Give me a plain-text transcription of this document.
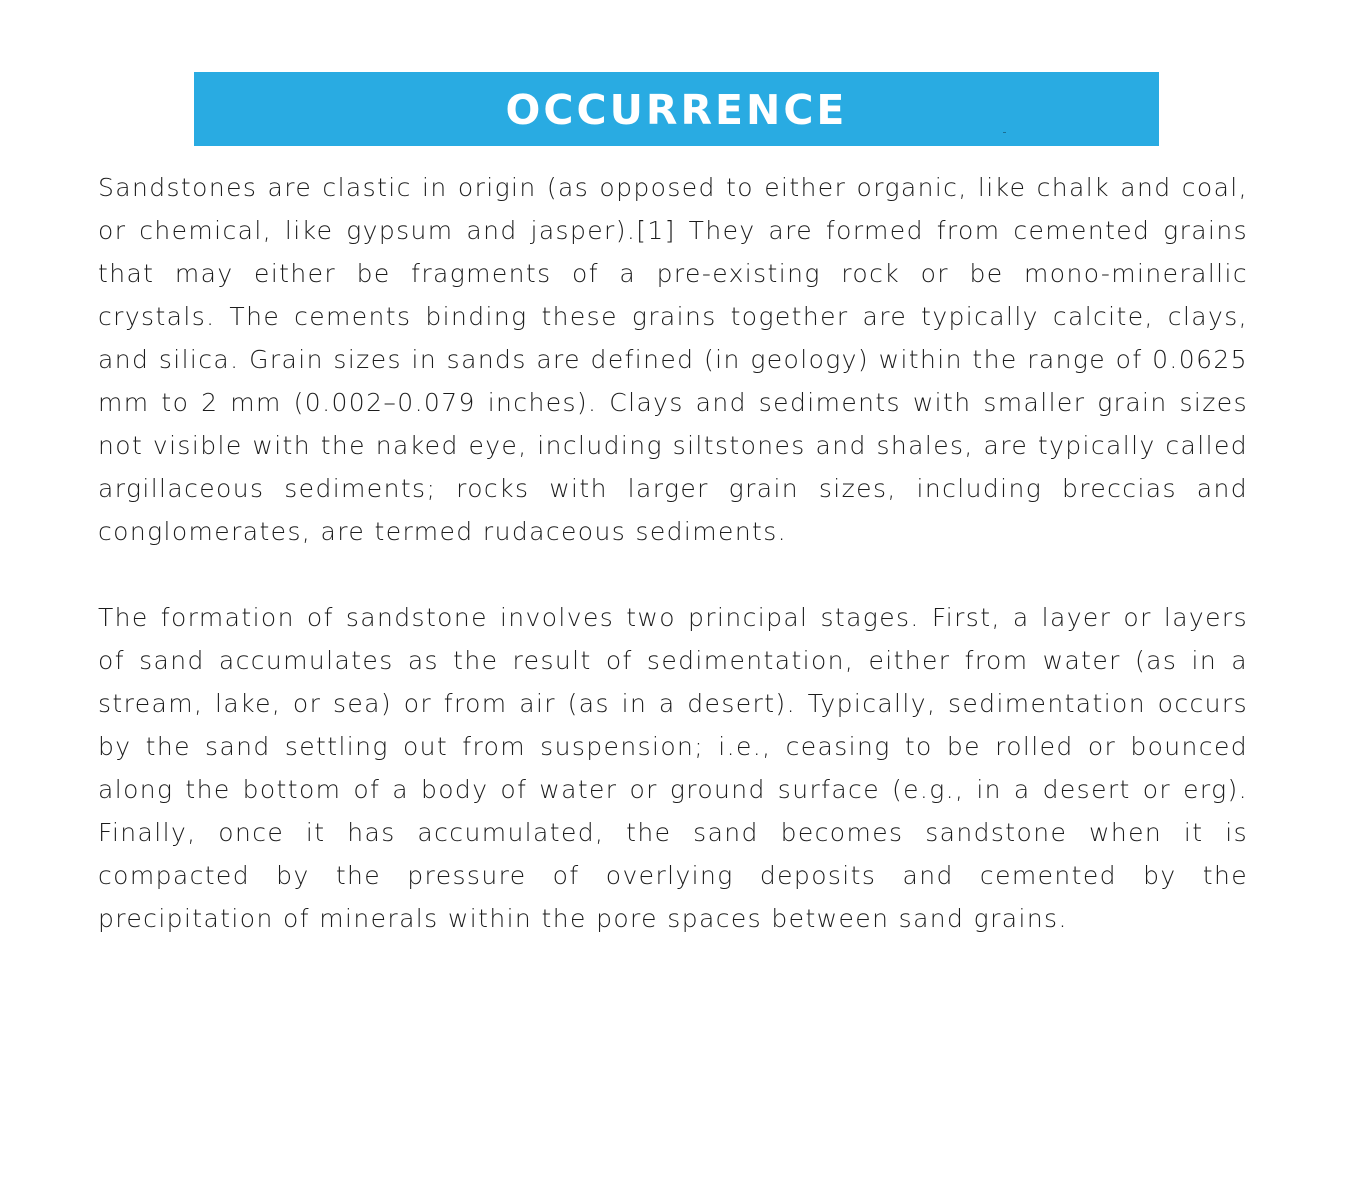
OCCURRENCE

Sandstones are clastic in origin (as opposed to either organic, like chalk and coal, or chemical, like gypsum and jasper).[1] They are formed from cemented grains that may either be fragments of a pre-existing rock or be mono-minerallic crystals. The cements binding these grains together are typically calcite, clays, and silica. Grain sizes in sands are defined (in geology) within the range of 0.0625 mm to 2 mm (0.002–0.079 inches). Clays and sediments with smaller grain sizes not visible with the naked eye, including siltstones and shales, are typically called argillaceous sediments; rocks with larger grain sizes, including breccias and conglomerates, are termed rudaceous sediments.

The formation of sandstone involves two principal stages. First, a layer or layers of sand accumulates as the result of sedimentation, either from water (as in a stream, lake, or sea) or from air (as in a desert). Typically, sedimentation occurs by the sand settling out from suspension; i.e., ceasing to be rolled or bounced along the bottom of a body of water or ground surface (e.g., in a desert or erg). Finally, once it has accumulated, the sand becomes sandstone when it is compacted by the pressure of overlying deposits and cemented by the precipitation of minerals within the pore spaces between sand grains.
